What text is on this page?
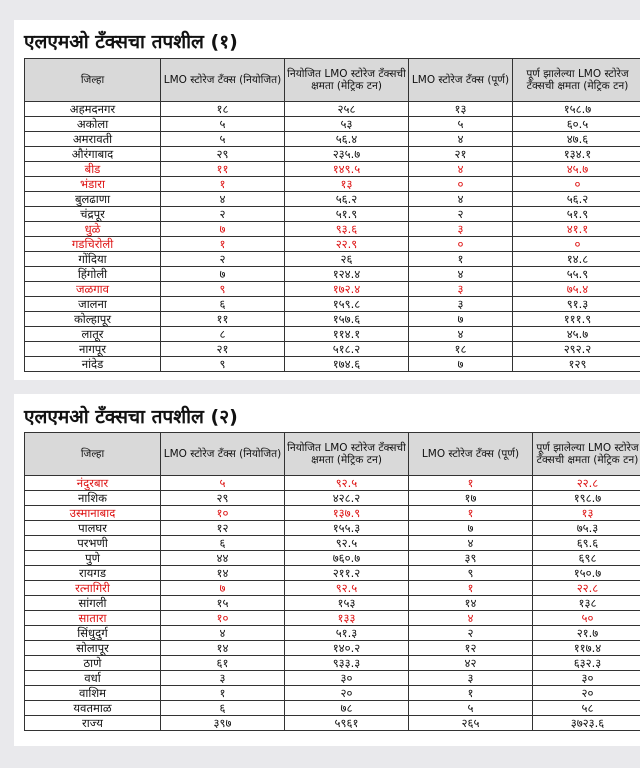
एलएमओ टँक्सचा तपशील (१)
जिल्हा	LMO स्टोरेज टँक्स (नियोजित)	नियोजित LMO स्टोरेज टँक्सची क्षमता (मेट्रिक टन)	LMO स्टोरेज टँक्स (पूर्ण)	पूर्ण झालेल्या LMO स्टोरेज टँक्सची क्षमता (मेट्रिक टन)
अहमदनगर	१८	२५८	१३	१५८.७
अकोला	५	५३	५	६०.५
अमरावती	५	५६.४	४	४७.६
औरंगाबाद	२९	२३५.७	२१	१३४.१
बीड	११	१४९.५	४	४५.७
भंडारा	१	१३	०	०
बुलढाणा	४	५६.२	४	५६.२
चंद्रपूर	२	५१.९	२	५१.९
धुळे	७	९३.६	३	४१.१
गडचिरोली	१	२२.९	०	०
गोंदिया	२	२६	१	१४.८
हिंगोली	७	१२४.४	४	५५.९
जळगाव	९	१७२.४	३	७५.४
जालना	६	१५९.८	३	९१.३
कोल्हापूर	११	१५७.६	७	१११.९
लातूर	८	११४.१	४	४५.७
नागपूर	२१	५१८.२	१८	२९२.२
नांदेड	९	१७४.६	७	१२९
एलएमओ टँक्सचा तपशील (२)
जिल्हा	LMO स्टोरेज टँक्स (नियोजित)	नियोजित LMO स्टोरेज टँक्सची क्षमता (मेट्रिक टन)	LMO स्टोरेज टँक्स (पूर्ण)	पूर्ण झालेल्या LMO स्टोरेज टँक्सची क्षमता (मेट्रिक टन)
नंदुरबार	५	९२.५	१	२२.८
नाशिक	२९	४२८.२	१७	१९८.७
उस्मानाबाद	१०	१३७.९	१	१३
पालघर	१२	१५५.३	७	७५.३
परभणी	६	९२.५	४	६९.६
पुणे	४४	७६०.७	३९	६९८
रायगड	१४	२११.२	९	१५०.७
रत्नागिरी	७	९२.५	१	२२.८
सांगली	१५	१५३	१४	१३८
सातारा	१०	१३३	४	५०
सिंधुदुर्ग	४	५१.३	२	२१.७
सोलापूर	१४	१४०.२	१२	११७.४
ठाणे	६१	९३३.३	४२	६३२.३
वर्धा	३	३०	३	३०
वाशिम	१	२०	१	२०
यवतमाळ	६	७८	५	५८
राज्य	३९७	५९६१	२६५	३७२३.६
